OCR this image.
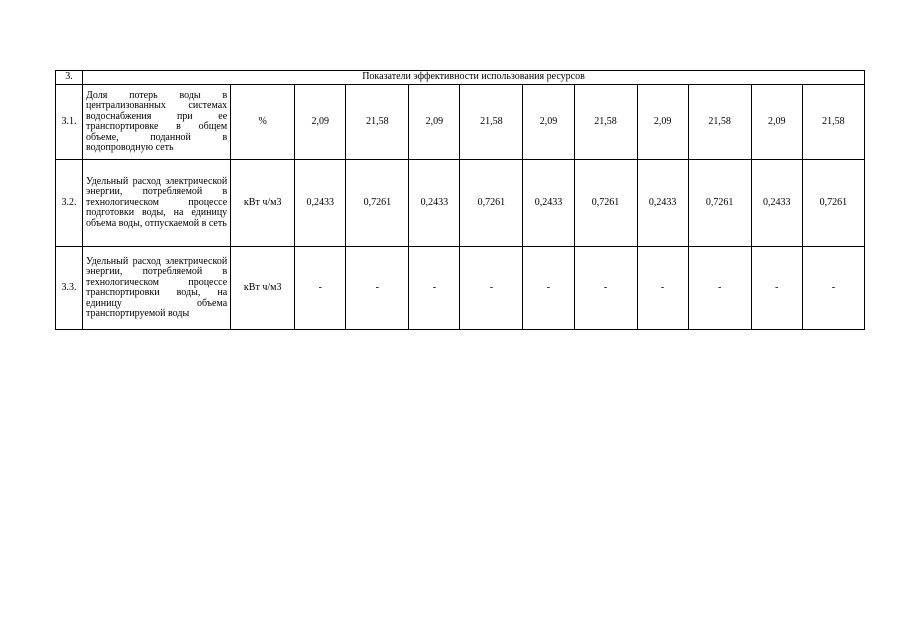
3.	Показатели эффективности использования ресурсов											
3.1.	Доля потерь воды в централизованных системах водоснабжения при ее транспортировке в общем объеме, поданной в водопроводную сеть	%	2,09	21,58	2,09	21,58	2,09	21,58	2,09	21,58	2,09	21,58
3.2.	Удельный расход электрической энергии, потребляемой в технологическом процессе подготовки воды, на единицу объема воды, отпускаемой в сеть	кВт ч/м3	0,2433	0,7261	0,2433	0,7261	0,2433	0,7261	0,2433	0,7261	0,2433	0,7261
3.3.	Удельный расход электрической энергии, потребляемой в технологическом процессе транспортировки воды, на единицу объема транспортируемой воды	кВт ч/м3	-	-	-	-	-	-	-	-	-	-
